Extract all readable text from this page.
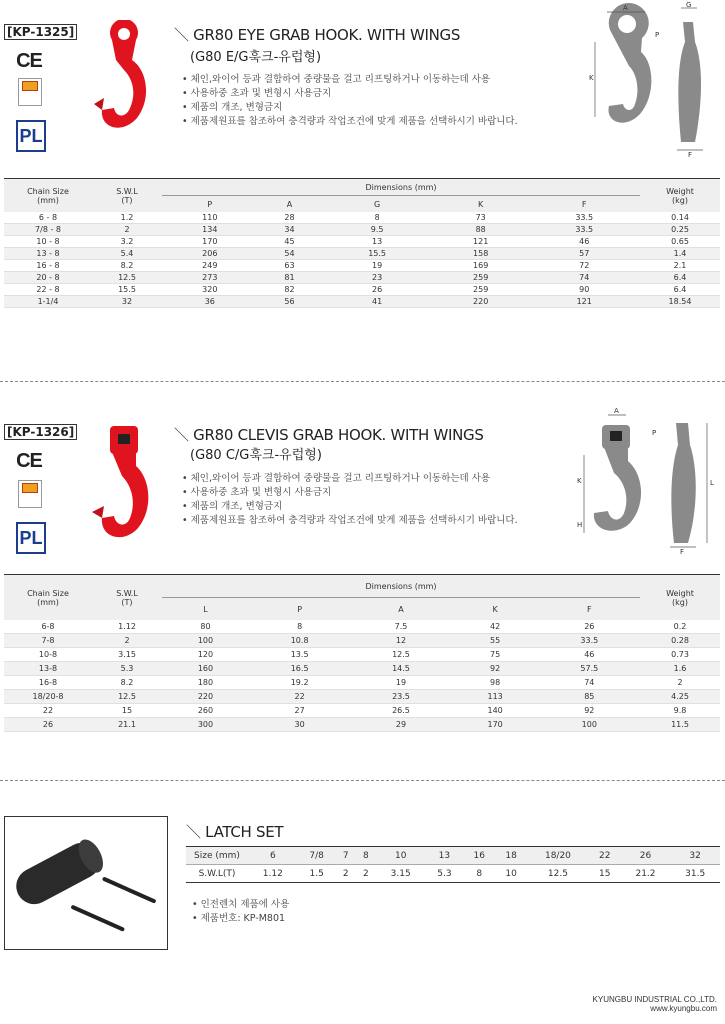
[KP-1325]
CE
PL
＼ GR80 EYE GRAB HOOK. WITH WINGS
(G80 E/G훅크-유럽형)
• 체인,와이어 등과 결합하여 중량물을 걸고 리프팅하거나 이동하는데 사용
• 사용하중 초과 및 변형시 사용금지
• 제품의 개조, 변형금지
• 제품제원표를 참조하여 충격량과 작업조건에 맞게 제품을 선택하시기 바랍니다.
A
K
P
G
F
Chain Size
(mm)	S.W.L
(T)	Dimensions (mm)					Weight
(kg)
		P	A	G	K	F	
6 - 8	1.2	110	28	8	73	33.5	0.14
7/8 - 8	2	134	34	9.5	88	33.5	0.25
10 - 8	3.2	170	45	13	121	46	0.65
13 - 8	5.4	206	54	15.5	158	57	1.4
16 - 8	8.2	249	63	19	169	72	2.1
20 - 8	12.5	273	81	23	259	74	6.4
22 - 8	15.5	320	82	26	259	90	6.4
1-1/4	32	36	56	41	220	121	18.54
[KP-1326]
CE
PL
＼ GR80 CLEVIS GRAB HOOK. WITH WINGS
(G80 C/G훅크-유럽형)
• 체인,와이어 등과 결합하여 중량물을 걸고 리프팅하거나 이동하는데 사용
• 사용하중 초과 및 변형시 사용금지
• 제품의 개조, 변형금지
• 제품제원표를 참조하여 충격량과 작업조건에 맞게 제품을 선택하시기 바랍니다.
A
P
K
H
L
F
Chain Size
(mm)	S.W.L
(T)	Dimensions (mm)					Weight
(kg)
		L	P	A	K	F	
6-8	1.12	80	8	7.5	42	26	0.2
7-8	2	100	10.8	12	55	33.5	0.28
10-8	3.15	120	13.5	12.5	75	46	0.73
13-8	5.3	160	16.5	14.5	92	57.5	1.6
16-8	8.2	180	19.2	19	98	74	2
18/20-8	12.5	220	22	23.5	113	85	4.25
22	15	260	27	26.5	140	92	9.8
26	21.1	300	30	29	170	100	11.5
＼ LATCH SET
Size (mm)	6	7/8	7	8	10	13	16	18	18/20	22	26	32
S.W.L(T)	1.12	1.5	2	2	3.15	5.3	8	10	12.5	15	21.2	31.5
• 인전렌치 제품에 사용
• 제품번호: KP-M801
KYUNGBU INDUSTRIAL CO.,LTD.
www.kyungbu.com
